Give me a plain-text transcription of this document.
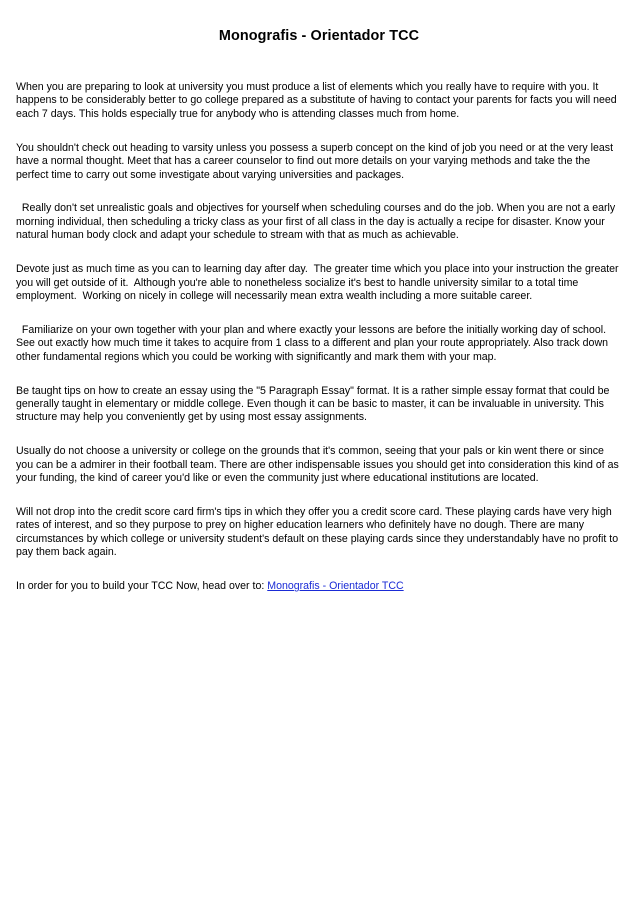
Monografis - Orientador TCC

When you are preparing to look at university you must produce a list of elements which you really have to require with you. It happens to be considerably better to go college prepared as a substitute of having to contact your parents for facts you will need each 7 days. This holds especially true for anybody who is attending classes much from home.

You shouldn't check out heading to varsity unless you possess a superb concept on the kind of job you need or at the very least have a normal thought. Meet that has a career counselor to find out more details on your varying methods and take the the perfect time to carry out some investigate about varying universities and packages.

Really don't set unrealistic goals and objectives for yourself when scheduling courses and do the job. When you are not a early morning individual, then scheduling a tricky class as your first of all class in the day is actually a recipe for disaster. Know your natural human body clock and adapt your schedule to stream with that as much as achievable.

Devote just as much time as you can to learning day after day.  The greater time which you place into your instruction the greater you will get outside of it.  Although you're able to nonetheless socialize it's best to handle university similar to a total time employment.  Working on nicely in college will necessarily mean extra wealth including a more suitable career.

Familiarize on your own together with your plan and where exactly your lessons are before the initially working day of school. See out exactly how much time it takes to acquire from 1 class to a different and plan your route appropriately. Also track down other fundamental regions which you could be working with significantly and mark them with your map.

Be taught tips on how to create an essay using the "5 Paragraph Essay" format. It is a rather simple essay format that could be generally taught in elementary or middle college. Even though it can be basic to master, it can be invaluable in university. This structure may help you conveniently get by using most essay assignments.

Usually do not choose a university or college on the grounds that it's common, seeing that your pals or kin went there or since you can be a admirer in their football team. There are other indispensable issues you should get into consideration this kind of as your funding, the kind of career you'd like or even the community just where educational institutions are located.

Will not drop into the credit score card firm's tips in which they offer you a credit score card. These playing cards have very high rates of interest, and so they purpose to prey on higher education learners who definitely have no dough. There are many circumstances by which college or university student's default on these playing cards since they understandably have no profit to pay them back again.

In order for you to build your TCC Now, head over to: Monografis - Orientador TCC
